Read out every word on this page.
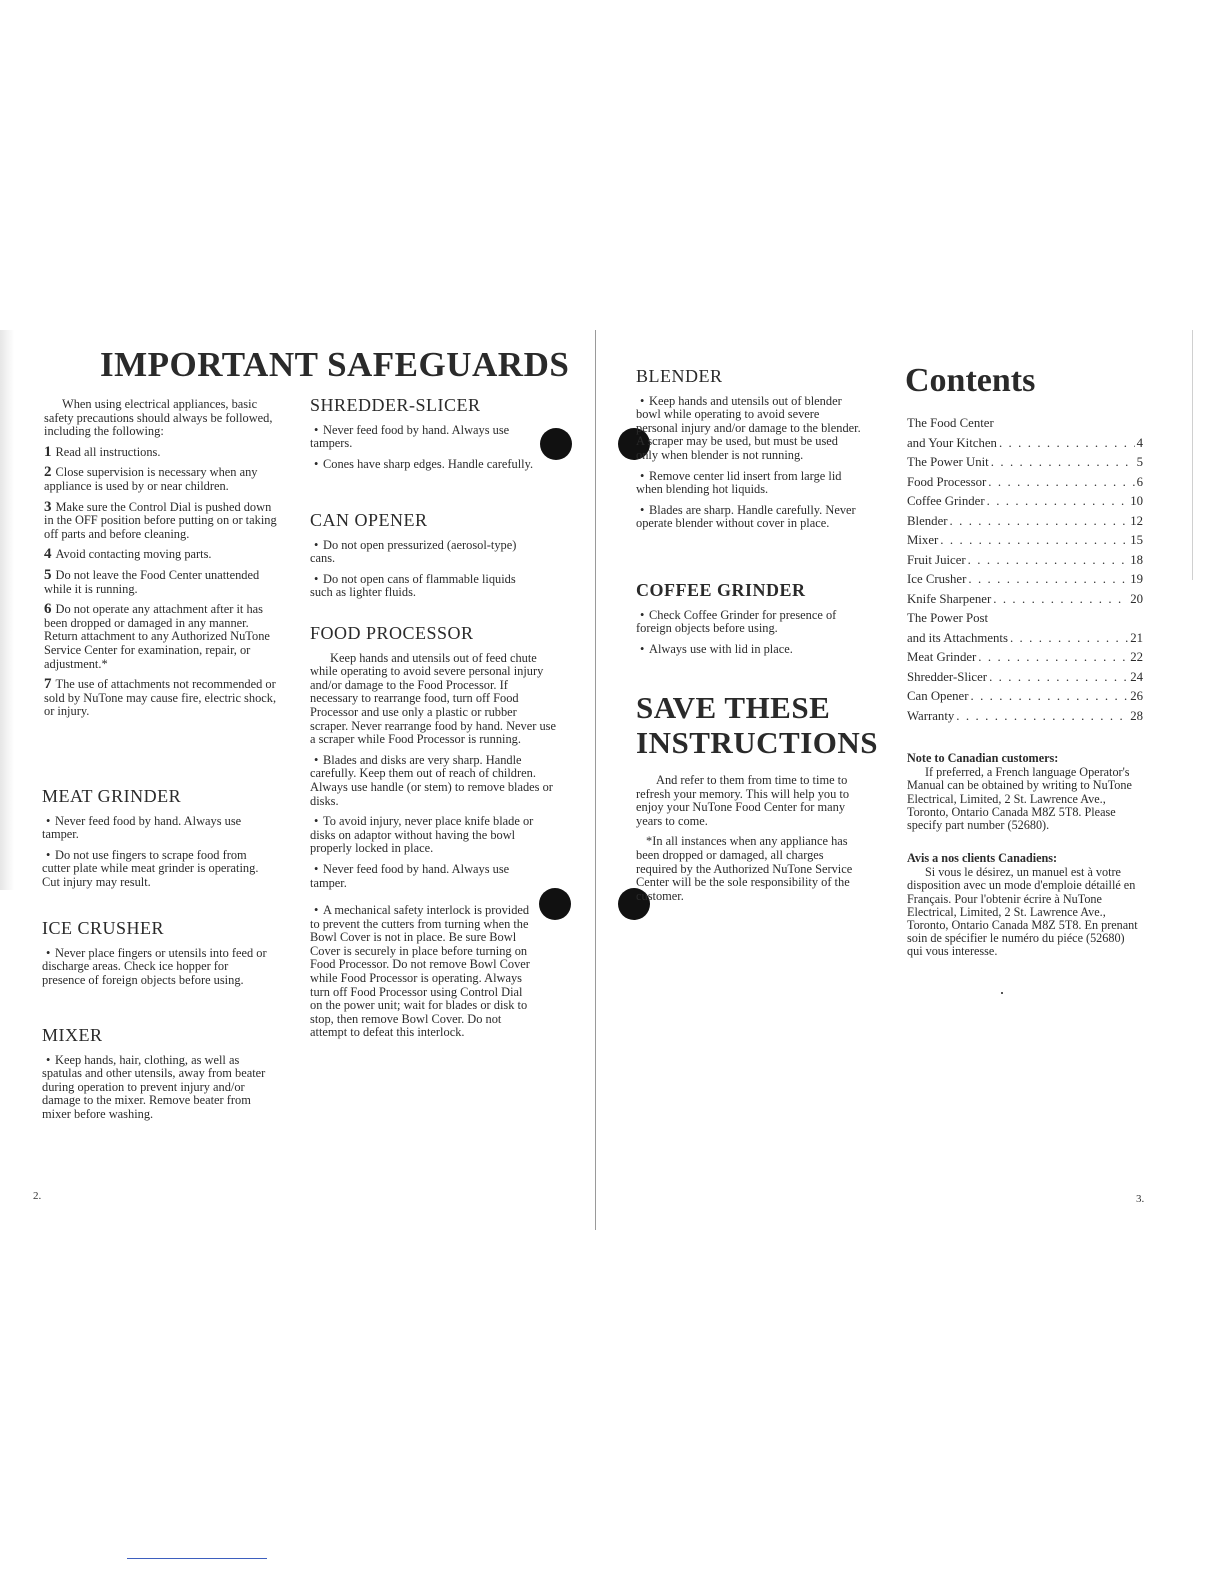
IMPORTANT SAFEGUARDS

When using electrical appliances, basic safety precautions should always be followed, including the following:

1 Read all instructions.

2 Close supervision is necessary when any appliance is used by or near children.

3 Make sure the Control Dial is pushed down in the OFF position before putting on or taking off parts and before cleaning.

4 Avoid contacting moving parts.

5 Do not leave the Food Center unattended while it is running.

6 Do not operate any attachment after it has been dropped or damaged in any manner. Return attachment to any Authorized NuTone Service Center for examination, repair, or adjustment.*

7 The use of attachments not recommended or sold by NuTone may cause fire, electric shock, or injury.

MEAT GRINDER

• Never feed food by hand. Always use tamper.

• Do not use fingers to scrape food from cutter plate while meat grinder is operating. Cut injury may result.

ICE CRUSHER

• Never place fingers or utensils into feed or discharge areas. Check ice hopper for presence of foreign objects before using.

MIXER

• Keep hands, hair, clothing, as well as spatulas and other utensils, away from beater during operation to prevent injury and/or damage to the mixer. Remove beater from mixer before washing.

SHREDDER-SLICER

• Never feed food by hand. Always use tampers.

• Cones have sharp edges. Handle carefully.

CAN OPENER

• Do not open pressurized (aerosol-type) cans.

• Do not open cans of flammable liquids such as lighter fluids.

FOOD PROCESSOR

Keep hands and utensils out of feed chute while operating to avoid severe personal injury and/or damage to the Food Processor. If necessary to rearrange food, turn off Food Processor and use only a plastic or rubber scraper. Never rearrange food by hand. Never use a scraper while Food Processor is running.

• Blades and disks are very sharp. Handle carefully. Keep them out of reach of children. Always use handle (or stem) to remove blades or disks.

• To avoid injury, never place knife blade or disks on adaptor without having the bowl properly locked in place.

• Never feed food by hand. Always use tamper.

• A mechanical safety interlock is provided to prevent the cutters from turning when the Bowl Cover is not in place. Be sure Bowl Cover is securely in place before turning on Food Processor. Do not remove Bowl Cover while Food Processor is operating. Always turn off Food Processor using Control Dial on the power unit; wait for blades or disk to stop, then remove Bowl Cover. Do not attempt to defeat this interlock.

2.
BLENDER

• Keep hands and utensils out of blender bowl while operating to avoid severe personal injury and/or damage to the blender. A scraper may be used, but must be used only when blender is not running.

• Remove center lid insert from large lid when blending hot liquids.

• Blades are sharp. Handle carefully. Never operate blender without cover in place.

COFFEE GRINDER

• Check Coffee Grinder for presence of foreign objects before using.

• Always use with lid in place.

SAVE THESE
INSTRUCTIONS

And refer to them from time to time to refresh your memory. This will help you to enjoy your NuTone Food Center for many years to come.

*In all instances when any appliance has been dropped or damaged, all charges required by the Authorized NuTone Service Center will be the sole responsibility of the customer.

Contents
The Food Center
and Your Kitchen . . .	4
The Power Unit . . .	5
Food Processor . . .	6
Coffee Grinder . . .	10
Blender . . .	12
Mixer . . .	15
Fruit Juicer . . .	18
Ice Crusher . . .	19
Knife Sharpener . . .	20
The Power Post
and its Attachments . . .	21
Meat Grinder . . .	22
Shredder-Slicer . . .	24
Can Opener . . .	26
Warranty . . .	28
Note to Canadian customers:
If preferred, a French language Operator's Manual can be obtained by writing to NuTone Electrical, Limited, 2 St. Lawrence Ave., Toronto, Ontario Canada M8Z 5T8. Please specify part number (52680).
Avis a nos clients Canadiens:
Si vous le désirez, un manuel est à votre disposition avec un mode d'emploie détaillé en Français. Pour l'obtenir écrire à NuTone Electrical, Limited, 2 St. Lawrence Ave., Toronto, Ontario Canada M8Z 5T8. En prenant soin de spécifier le numéro du piéce (52680) qui vous interesse.
3.
